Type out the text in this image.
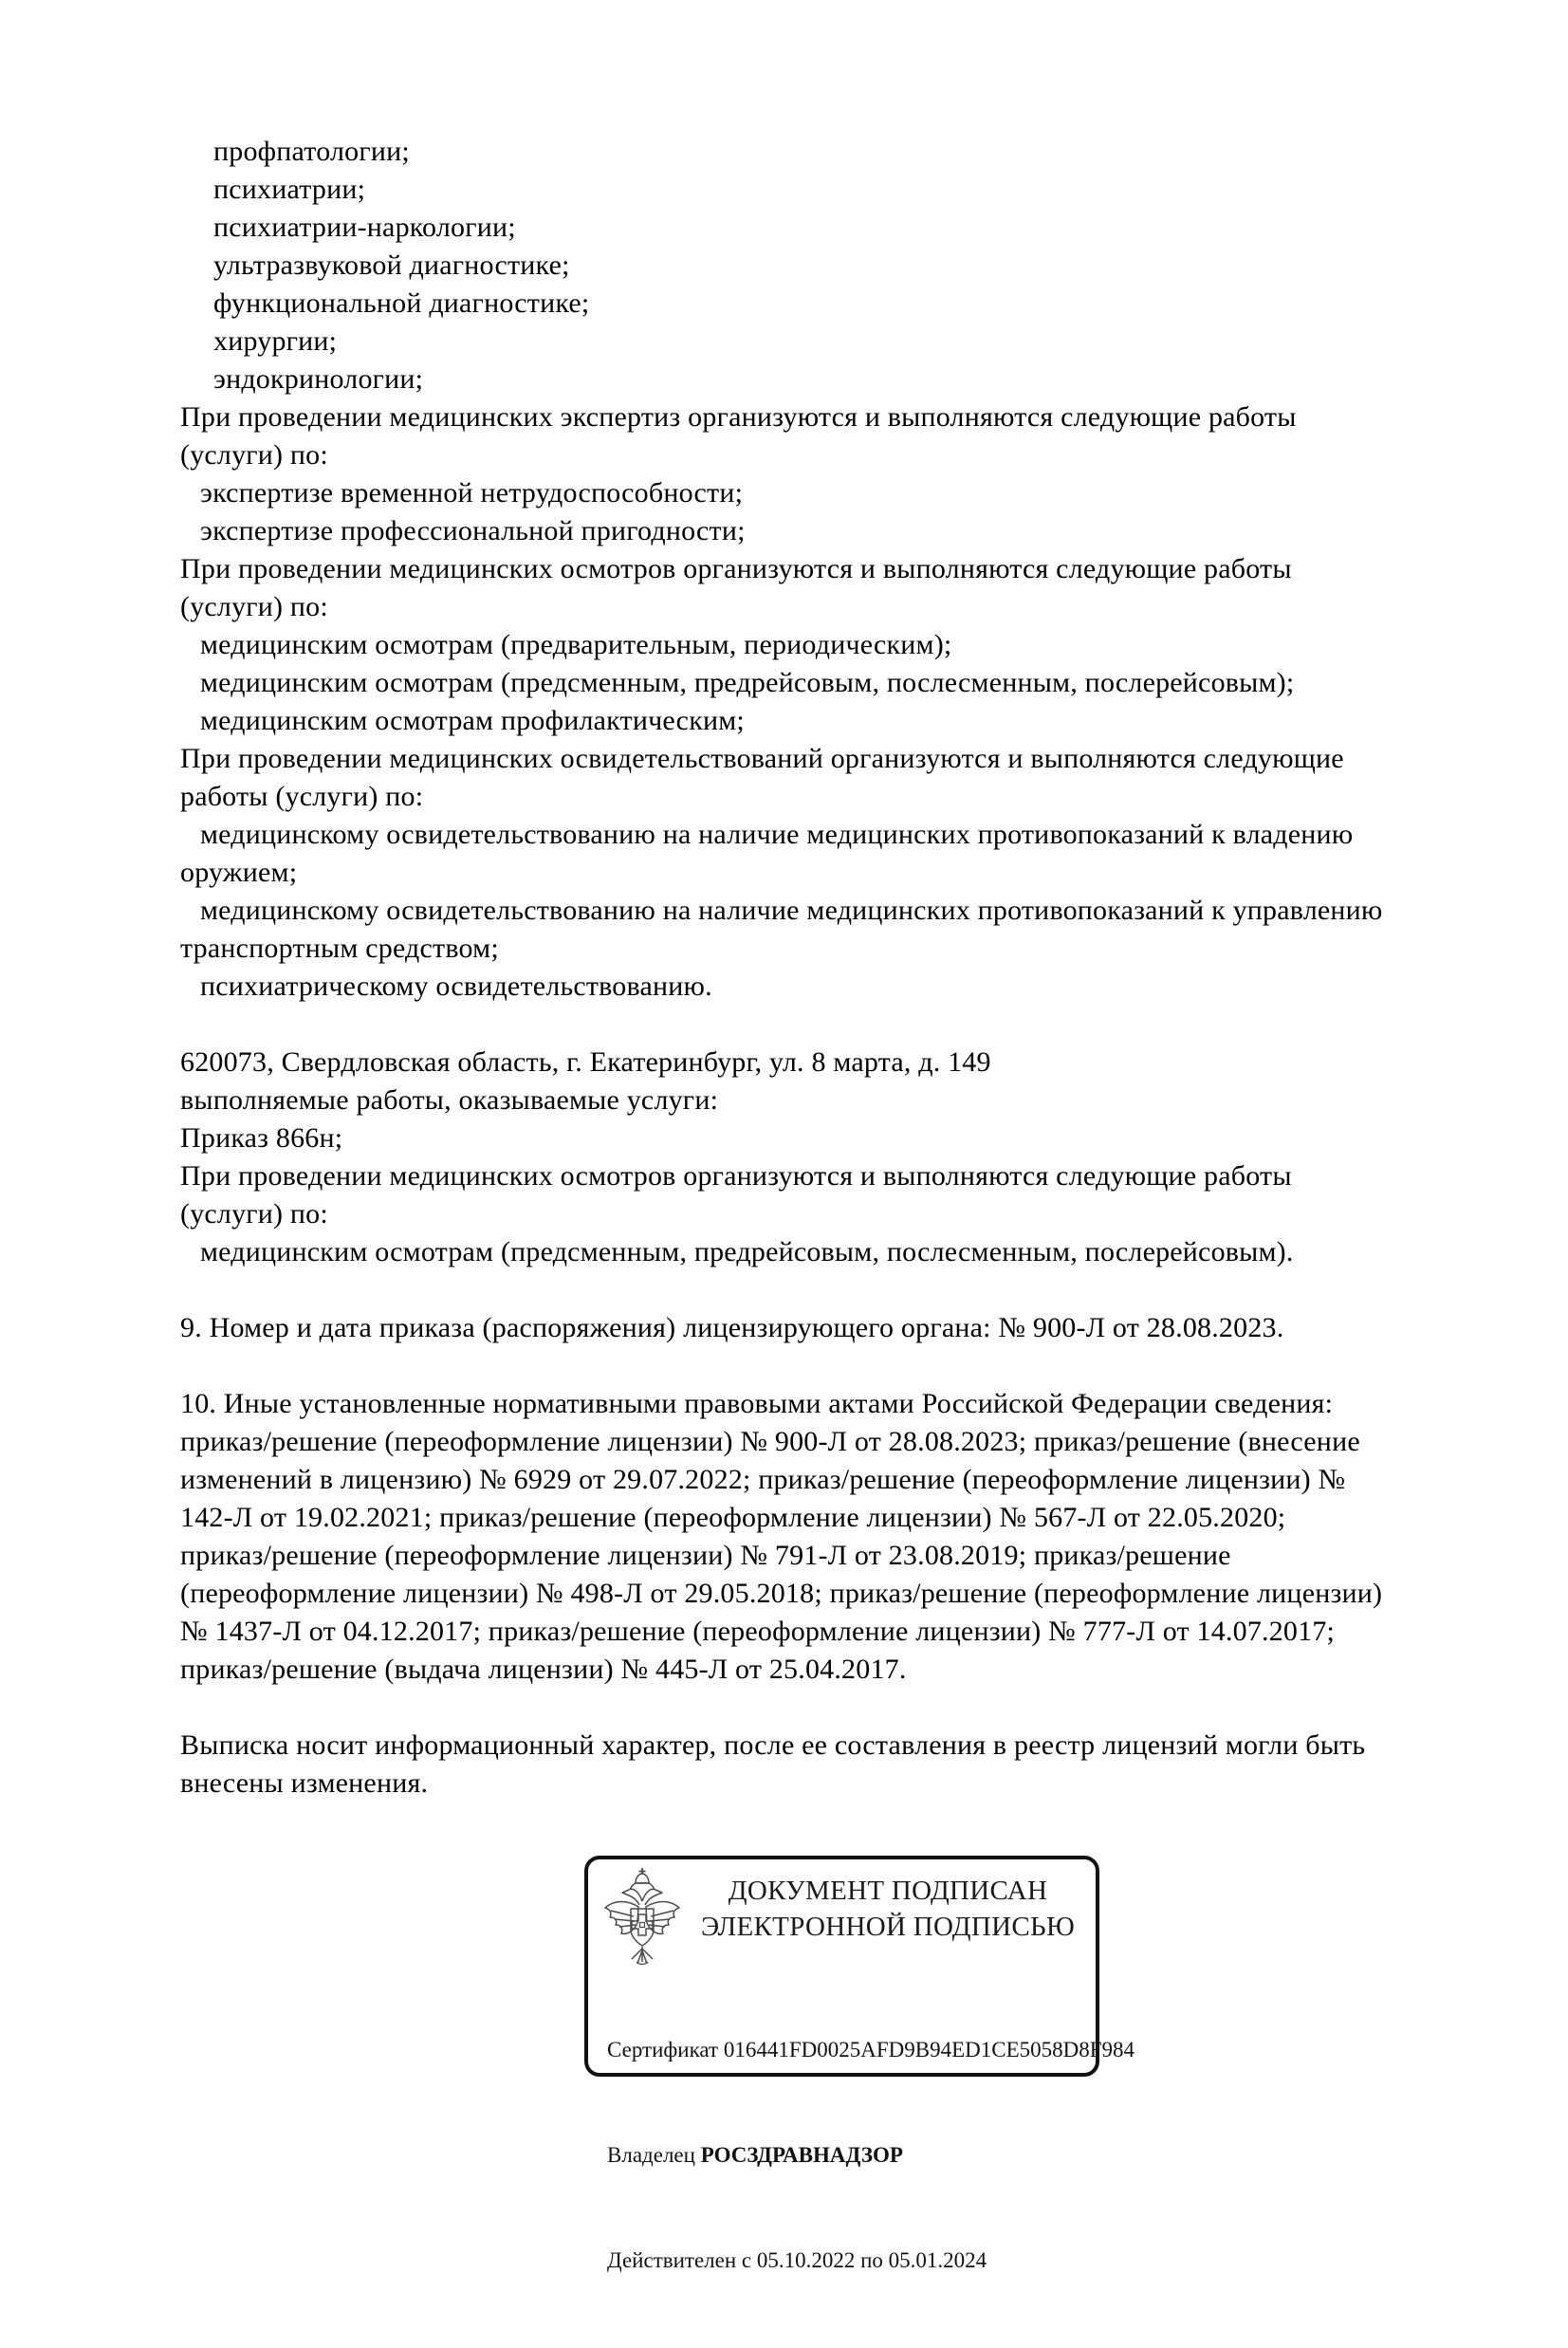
профпатологии;
психиатрии;
психиатрии-наркологии;
ультразвуковой диагностике;
функциональной диагностике;
хирургии;
эндокринологии;
При проведении медицинских экспертиз организуются и выполняются следующие работы
(услуги) по:
экспертизе временной нетрудоспособности;
экспертизе профессиональной пригодности;
При проведении медицинских осмотров организуются и выполняются следующие работы
(услуги) по:
медицинским осмотрам (предварительным, периодическим);
медицинским осмотрам (предсменным, предрейсовым, послесменным, послерейсовым);
медицинским осмотрам профилактическим;
При проведении медицинских освидетельствований организуются и выполняются следующие
работы (услуги) по:
медицинскому освидетельствованию на наличие медицинских противопоказаний к владению
оружием;
медицинскому освидетельствованию на наличие медицинских противопоказаний к управлению
транспортным средством;
психиатрическому освидетельствованию.
620073, Свердловская область, г. Екатеринбург, ул. 8 марта, д. 149
выполняемые работы, оказываемые услуги:
Приказ 866н;
При проведении медицинских осмотров организуются и выполняются следующие работы
(услуги) по:
медицинским осмотрам (предсменным, предрейсовым, послесменным, послерейсовым).
9. Номер и дата приказа (распоряжения) лицензирующего органа: № 900-Л от 28.08.2023.
10. Иные установленные нормативными правовыми актами Российской Федерации сведения:
приказ/решение (переоформление лицензии) № 900-Л от 28.08.2023; приказ/решение (внесение
изменений в лицензию) № 6929 от 29.07.2022; приказ/решение (переоформление лицензии) №
142-Л от 19.02.2021; приказ/решение (переоформление лицензии) № 567-Л от 22.05.2020;
приказ/решение (переоформление лицензии) № 791-Л от 23.08.2019; приказ/решение
(переоформление лицензии) № 498-Л от 29.05.2018; приказ/решение (переоформление лицензии)
№ 1437-Л от 04.12.2017; приказ/решение (переоформление лицензии) № 777-Л от 14.07.2017;
приказ/решение (выдача лицензии) № 445-Л от 25.04.2017.
Выписка носит информационный характер, после ее составления в реестр лицензий могли быть
внесены изменения.
ДОКУМЕНТ ПОДПИСАН
ЭЛЕКТРОННОЙ ПОДПИСЬЮ

Сертификат 016441FD0025AFD9B94ED1CE5058D8F984

Владелец РОСЗДРАВНАДЗОР

Действителен с 05.10.2022 по 05.01.2024
